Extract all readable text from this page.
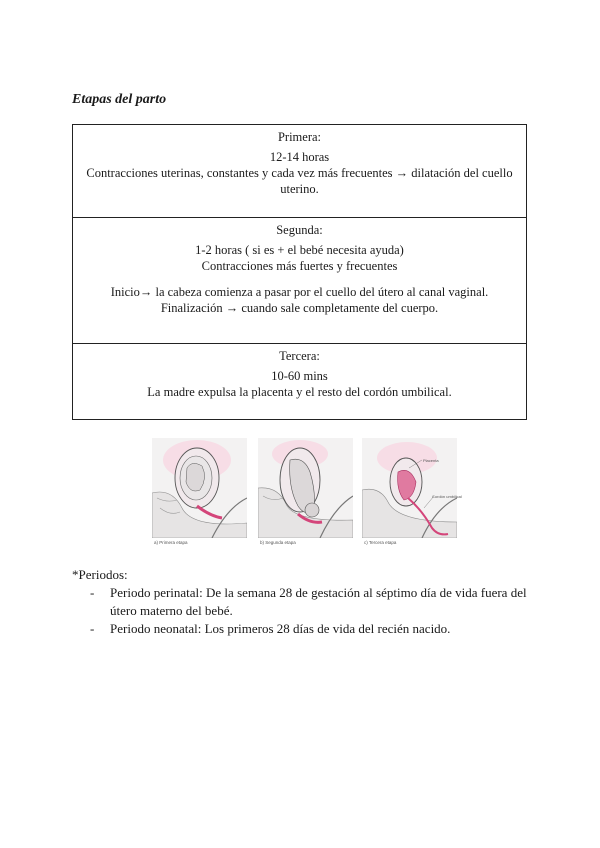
Etapas del parto
Primera:
12-14 horas
Contracciones uterinas, constantes y cada vez más frecuentes → dilatación del cuello uterino.

Segunda:
1-2 horas ( si es + el bebé necesita ayuda)
Contracciones más fuertes y frecuentes
Inicio→ la cabeza comienza a pasar por el cuello del útero al canal vaginal.
Finalización → cuando sale completamente del cuerpo.

Tercera:
10-60 mins
La madre expulsa la placenta y el resto del cordón umbilical.
a) Primera etapa	b) Segunda etapa
Placenta
Cordón umbilical
c) Tercera etapa
*Periodos:
- Periodo perinatal: De la semana 28 de gestación al séptimo día de vida fuera del útero materno del bebé.
- Periodo neonatal: Los primeros 28 días de vida del recién nacido.
